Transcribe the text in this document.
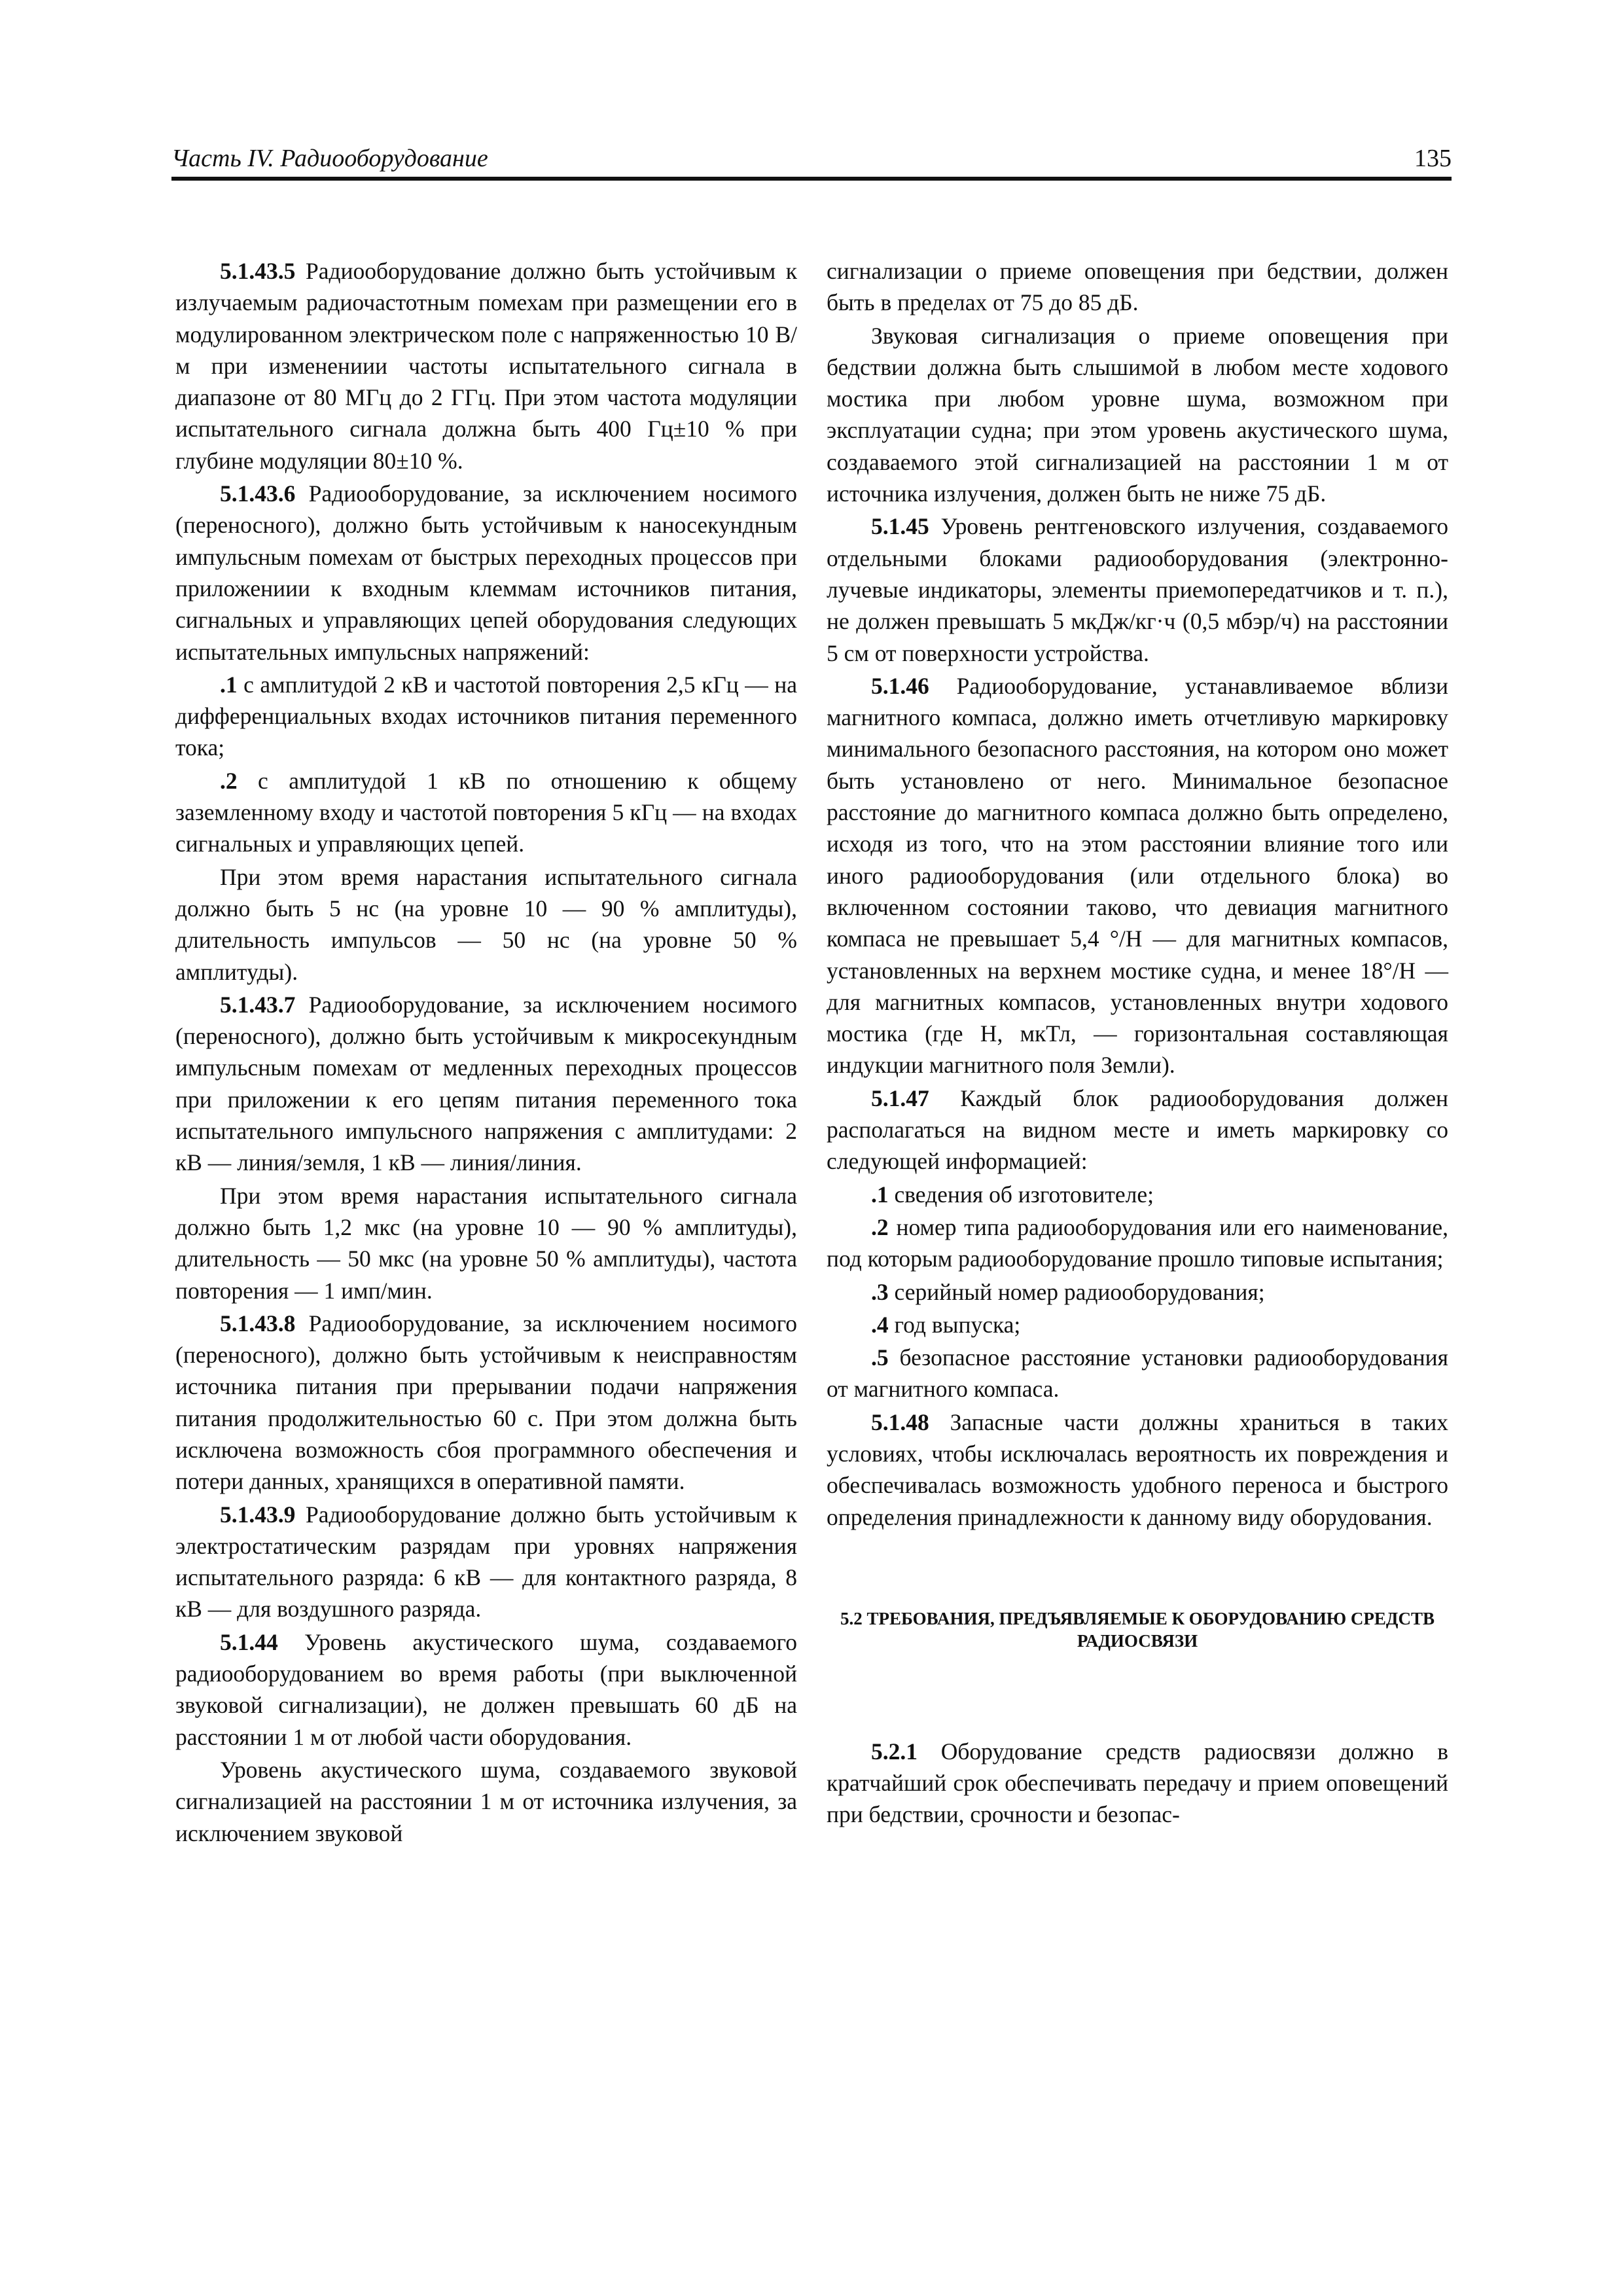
Часть IV. Радиооборудование	135

5.1.43.5 Радиооборудование должно быть устойчивым к излучаемым радиочастотным помехам при размещении его в модулированном электрическом поле с напряженностью 10 В/м при изменениии частоты испытательного сигнала в диапазоне от 80 МГц до 2 ГГц. При этом частота модуляции испытательного сигнала должна быть 400 Гц±10 % при глубине модуляции 80±10 %.

5.1.43.6 Радиооборудование, за исключением носимого (переносного), должно быть устойчивым к наносекундным импульсным помехам от быстрых переходных процессов при приложениии к входным клеммам источников питания, сигнальных и управляющих цепей оборудования следующих испытательных импульсных напряжений:

.1 с амплитудой 2 кВ и частотой повторения 2,5 кГц — на дифференциальных входах источников питания переменного тока;

.2 с амплитудой 1 кВ по отношению к общему заземленному входу и частотой повторения 5 кГц — на входах сигнальных и управляющих цепей.

При этом время нарастания испытательного сигнала должно быть 5 нс (на уровне 10 — 90 % амплитуды), длительность импульсов — 50 нс (на уровне 50 % амплитуды).

5.1.43.7 Радиооборудование, за исключением носимого (переносного), должно быть устойчивым к микросекундным импульсным помехам от медленных переходных процессов при приложении к его цепям питания переменного тока испытательного импульсного напряжения с амплитудами: 2 кВ — линия/земля, 1 кВ — линия/линия.

При этом время нарастания испытательного сигнала должно быть 1,2 мкс (на уровне 10 — 90 % амплитуды), длительность — 50 мкс (на уровне 50 % амплитуды), частота повторения — 1 имп/мин.

5.1.43.8 Радиооборудование, за исключением носимого (переносного), должно быть устойчивым к неисправностям источника питания при прерывании подачи напряжения питания продолжительностью 60 с. При этом должна быть исключена возможность сбоя программного обеспечения и потери данных, хранящихся в оперативной памяти.

5.1.43.9 Радиооборудование должно быть устойчивым к электростатическим разрядам при уровнях напряжения испытательного разряда: 6 кВ — для контактного разряда, 8 кВ — для воздушного разряда.

5.1.44 Уровень акустического шума, создаваемого радиооборудованием во время работы (при выключенной звуковой сигнализации), не должен превышать 60 дБ на расстоянии 1 м от любой части оборудования.

Уровень акустического шума, создаваемого звуковой сигнализацией на расстоянии 1 м от источника излучения, за исключением звуковой

сигнализации о приеме оповещения при бедствии, должен быть в пределах от 75 до 85 дБ.

Звуковая сигнализация о приеме оповещения при бедствии должна быть слышимой в любом месте ходового мостика при любом уровне шума, возможном при эксплуатации судна; при этом уровень акустического шума, создаваемого этой сигнализацией на расстоянии 1 м от источника излучения, должен быть не ниже 75 дБ.

5.1.45 Уровень рентгеновского излучения, создаваемого отдельными блоками радиооборудования (электронно-лучевые индикаторы, элементы приемопередатчиков и т. п.), не должен превышать 5 мкДж/кг·ч (0,5 мбэр/ч) на расстоянии 5 см от поверхности устройства.

5.1.46 Радиооборудование, устанавливаемое вблизи магнитного компаса, должно иметь отчетливую маркировку минимального безопасного расстояния, на котором оно может быть установлено от него. Минимальное безопасное расстояние до магнитного компаса должно быть определено, исходя из того, что на этом расстоянии влияние того или иного радиооборудования (или отдельного блока) во включенном состоянии таково, что девиация магнитного компаса не превышает 5,4 °/Н — для магнитных компасов, установленных на верхнем мостике судна, и менее 18°/Н — для магнитных компасов, установленных внутри ходового мостика (где Н, мкТл, — горизонтальная составляющая индукции магнитного поля Земли).

5.1.47 Каждый блок радиооборудования должен располагаться на видном месте и иметь маркировку со следующей информацией:

.1 сведения об изготовителе;

.2 номер типа радиооборудования или его наименование, под которым радиооборудование прошло типовые испытания;

.3 серийный номер радиооборудования;

.4 год выпуска;

.5 безопасное расстояние установки радиооборудования от магнитного компаса.

5.1.48 Запасные части должны храниться в таких условиях, чтобы исключалась вероятность их повреждения и обеспечивалась возможность удобного переноса и быстрого определения принадлежности к данному виду оборудования.

5.2 ТРЕБОВАНИЯ, ПРЕДЪЯВЛЯЕМЫЕ К ОБОРУДОВАНИЮ СРЕДСТВ РАДИОСВЯЗИ

5.2.1 Оборудование средств радиосвязи должно в кратчайший срок обеспечивать передачу и прием оповещений при бедствии, срочности и безопас-
